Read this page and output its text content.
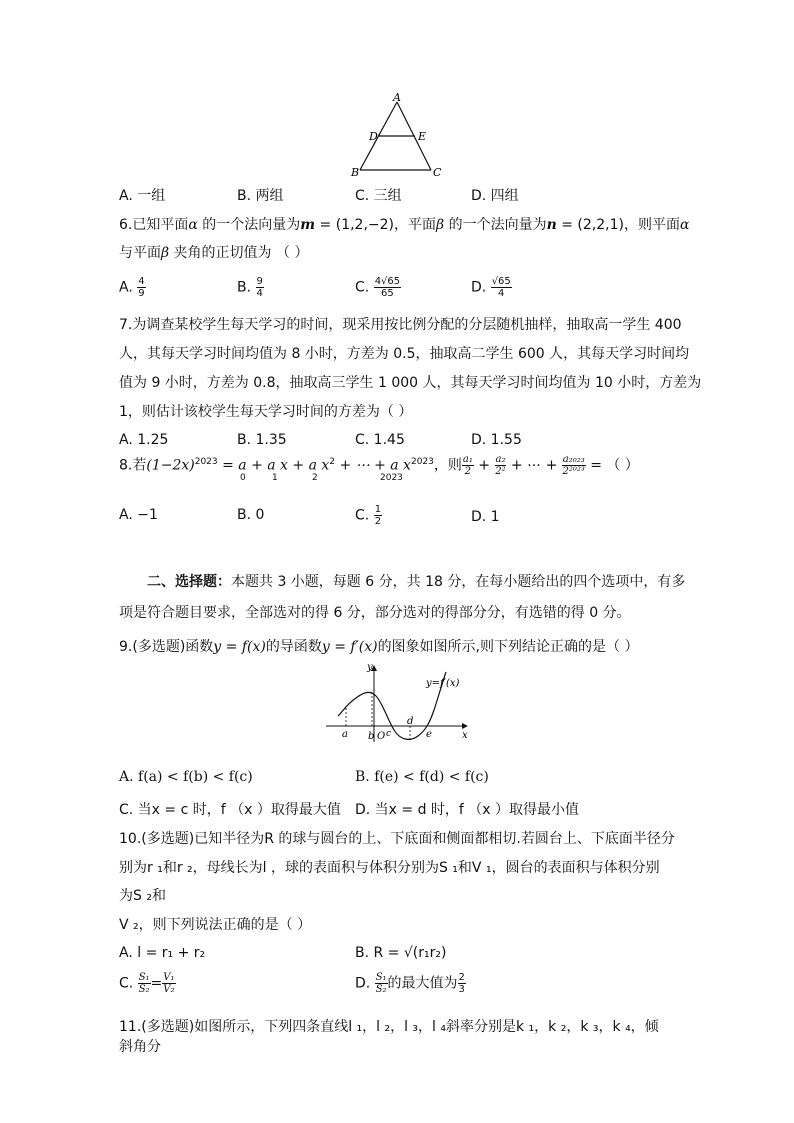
A
D	E
B	C
A. 一组	B. 两组	C. 三组	D. 四组
6.已知平面α 的一个法向量为m = (1,2,−2)，平面β 的一个法向量为n = (2,2,1)，则平面α
与平面β 夹角的正切值为 （ ）
A. $\frac{4}{9}$	B. $\frac{9}{4}$	C. $\frac{4√65}{65}$	D. $\frac{√65}{4}$
7.为调查某校学生每天学习的时间，现采用按比例分配的分层随机抽样，抽取高一学生 400
人，其每天学习时间均值为 8 小时，方差为 0.5，抽取高二学生 600 人，其每天学习时间均
值为 9 小时，方差为 0.8，抽取高三学生 1 000 人，其每天学习时间均值为 10 小时，方差为
1，则估计该校学生每天学习时间的方差为（ ）
A. 1.25	B. 1.35	C. 1.45	D. 1.55
8.若$(1-2x)^{2023} = a + a$ x + a $x^2$ + ⋯ + a $x^{2023}$，则 $\frac{\text{a₁}}{2} + \frac{\text{a₂}}{\text{2²}}$ + ⋯ + $\frac{\text{a₂₀₂₃}}{\text{2²⁰²³}}$ = （ ）
0	1	2	2023
A. −1	B. 0	C. $\frac{1}{2}$	D. 1
二、选择题：本题共 3 小题，每题 6 分，共 18 分，在每小题给出的四个选项中，有多
项是符合题目要求，全部选对的得 6 分，部分选对的得部分分，有选错的得 0 分。
9.(多选题)函数y = f(x)的导函数y = f′(x)的图象如图所示,则下列结论正确的是（ ）
y
x
y=f′(x)
a b O c
d
e
A. f(a) < f(b) < f(c)	B. f(e) < f(d) < f(c)
C. 当x = c 时，f （x ）取得最大值 D. 当x = d 时，f （x ）取得最小值
10.(多选题)已知半径为R 的球与圆台的上、下底面和侧面都相切.若圆台上、下底面半径分
别为r ₁和r ₂，母线长为l ，球的表面积与体积分别为S ₁和V ₁，圆台的表面积与体积分别
为S ₂和
V ₂，则下列说法正确的是（ ）
A. l = r₁ + r₂	B. R = √(r₁r₂)
C. $\frac{\text{S₁}}{\text{S₂}} = \frac{\text{V₁}}{\text{V₂}}$	D. $\frac{\text{S₁}}{\text{S₂}}$ 的最大值为 $\frac{2}{3}$
11.(多选题)如图所示，下列四条直线l ₁，l ₂，l ₃，l ₄斜率分别是k ₁，k ₂，k ₃，k ₄，倾
斜角分
